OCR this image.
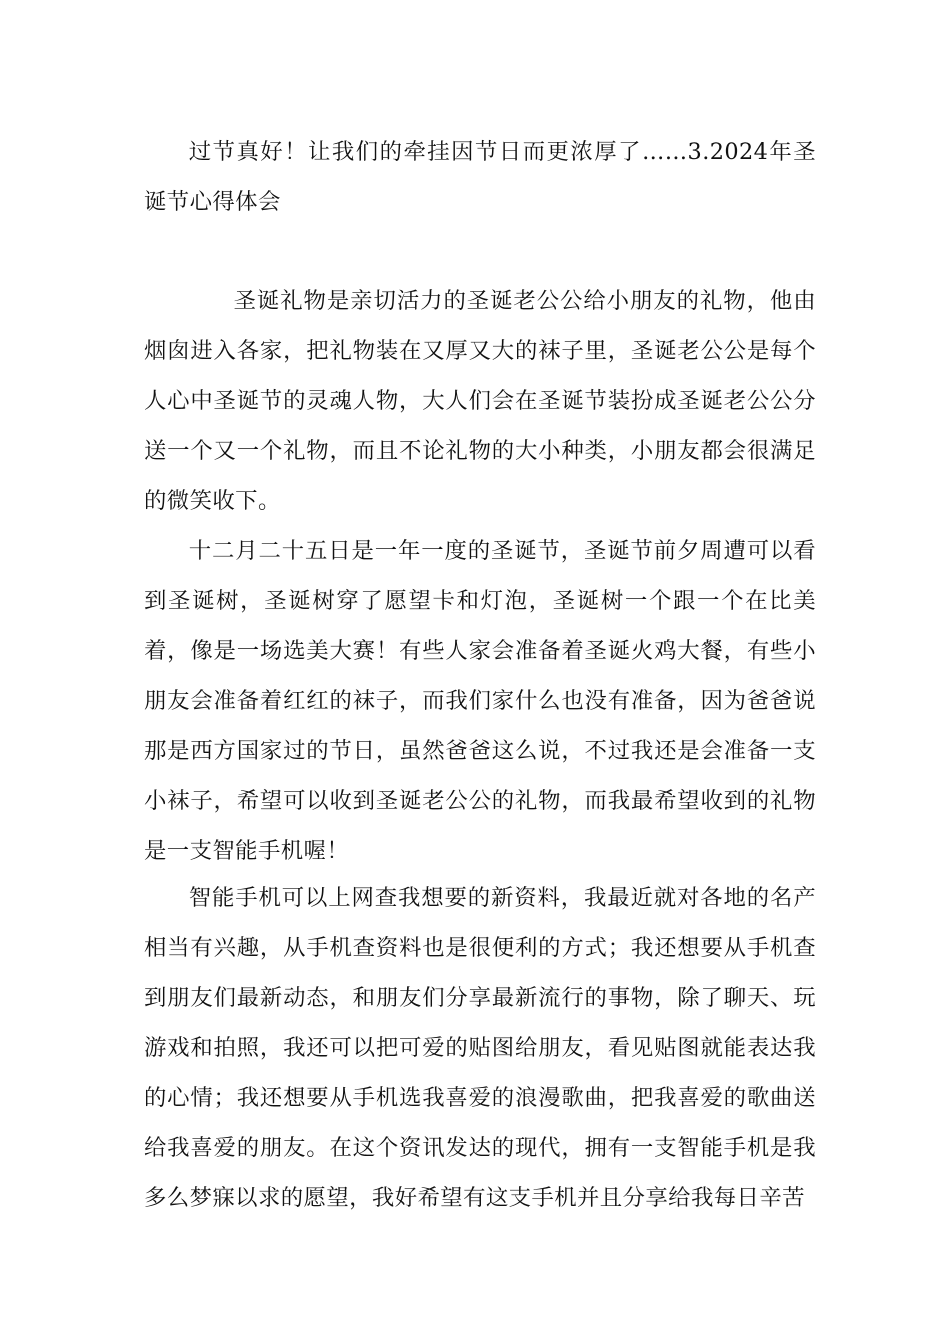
过节真好！让我们的牵挂因节日而更浓厚了……3.2024年圣诞节心得体会

圣诞礼物是亲切活力的圣诞老公公给小朋友的礼物，他由烟囱进入各家，把礼物装在又厚又大的袜子里，圣诞老公公是每个人心中圣诞节的灵魂人物，大人们会在圣诞节装扮成圣诞老公公分送一个又一个礼物，而且不论礼物的大小种类，小朋友都会很满足的微笑收下。

十二月二十五日是一年一度的圣诞节，圣诞节前夕周遭可以看到圣诞树，圣诞树穿了愿望卡和灯泡，圣诞树一个跟一个在比美着，像是一场选美大赛！有些人家会准备着圣诞火鸡大餐，有些小朋友会准备着红红的袜子，而我们家什么也没有准备，因为爸爸说那是西方国家过的节日，虽然爸爸这么说，不过我还是会准备一支小袜子，希望可以收到圣诞老公公的礼物，而我最希望收到的礼物是一支智能手机喔！

智能手机可以上网查我想要的新资料，我最近就对各地的名产相当有兴趣，从手机查资料也是很便利的方式；我还想要从手机查到朋友们最新动态，和朋友们分享最新流行的事物，除了聊天、玩游戏和拍照，我还可以把可爱的贴图给朋友，看见贴图就能表达我的心情；我还想要从手机选我喜爱的浪漫歌曲，把我喜爱的歌曲送给我喜爱的朋友。在这个资讯发达的现代，拥有一支智能手机是我多么梦寐以求的愿望，我好希望有这支手机并且分享给我每日辛苦
